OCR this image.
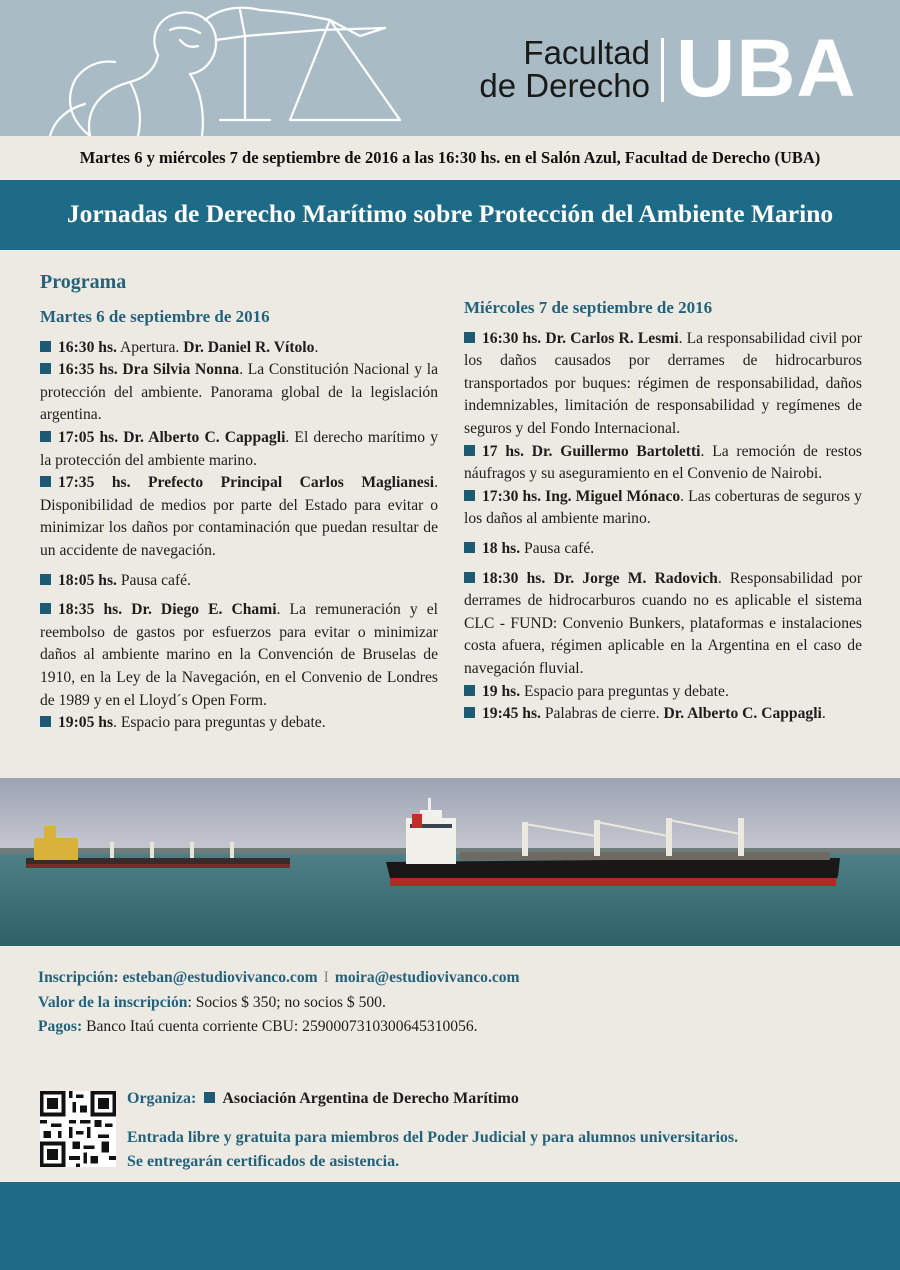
Facultad
de Derecho UBA
Martes 6 y miércoles 7 de septiembre de 2016 a las 16:30 hs. en el Salón Azul, Facultad de Derecho (UBA)
Jornadas de Derecho Marítimo sobre Protección del Ambiente Marino
Programa
Martes 6 de septiembre de 2016

16:30 hs. Apertura. Dr. Daniel R. Vítolo.

16:35 hs. Dra Silvia Nonna. La Constitución Nacional y la protección del ambiente. Panorama global de la legislación argentina.

17:05 hs. Dr. Alberto C. Cappagli. El derecho marítimo y la protección del ambiente marino.

17:35 hs. Prefecto Principal Carlos Maglianesi. Disponibilidad de medios por parte del Estado para evitar o minimizar los daños por contaminación que puedan resultar de un accidente de navegación.

18:05 hs. Pausa café.

18:35 hs. Dr. Diego E. Chami. La remuneración y el reembolso de gastos por esfuerzos para evitar o minimizar daños al ambiente marino en la Convención de Bruselas de 1910, en la Ley de la Navegación, en el Convenio de Londres de 1989 y en el Lloyd´s Open Form.

19:05 hs. Espacio para preguntas y debate.

Miércoles 7 de septiembre de 2016

16:30 hs. Dr. Carlos R. Lesmi. La responsabilidad civil por los daños causados por derrames de hidrocarburos transportados por buques: régimen de responsabilidad, daños indemnizables, limitación de responsabilidad y regímenes de seguros y del Fondo Internacional.

17 hs. Dr. Guillermo Bartoletti. La remoción de restos náufragos y su aseguramiento en el Convenio de Nairobi.

17:30 hs. Ing. Miguel Mónaco. Las coberturas de seguros y los daños al ambiente marino.

18 hs. Pausa café.

18:30 hs. Dr. Jorge M. Radovich. Responsabilidad por derrames de hidrocarburos cuando no es aplicable el sistema CLC - FUND: Convenio Bunkers, plataformas e instalaciones costa afuera, régimen aplicable en la Argentina en el caso de navegación fluvial.

19 hs. Espacio para preguntas y debate.

19:45 hs. Palabras de cierre. Dr. Alberto C. Cappagli.

Inscripción: esteban@estudiovivanco.com I moira@estudiovivanco.com
Valor de la inscripción: Socios $ 350; no socios $ 500.
Pagos: Banco Itaú cuenta corriente CBU: 2590007310300645310056.
Organiza: Asociación Argentina de Derecho Marítimo
Entrada libre y gratuita para miembros del Poder Judicial y para alumnos universitarios.
Se entregarán certificados de asistencia.
